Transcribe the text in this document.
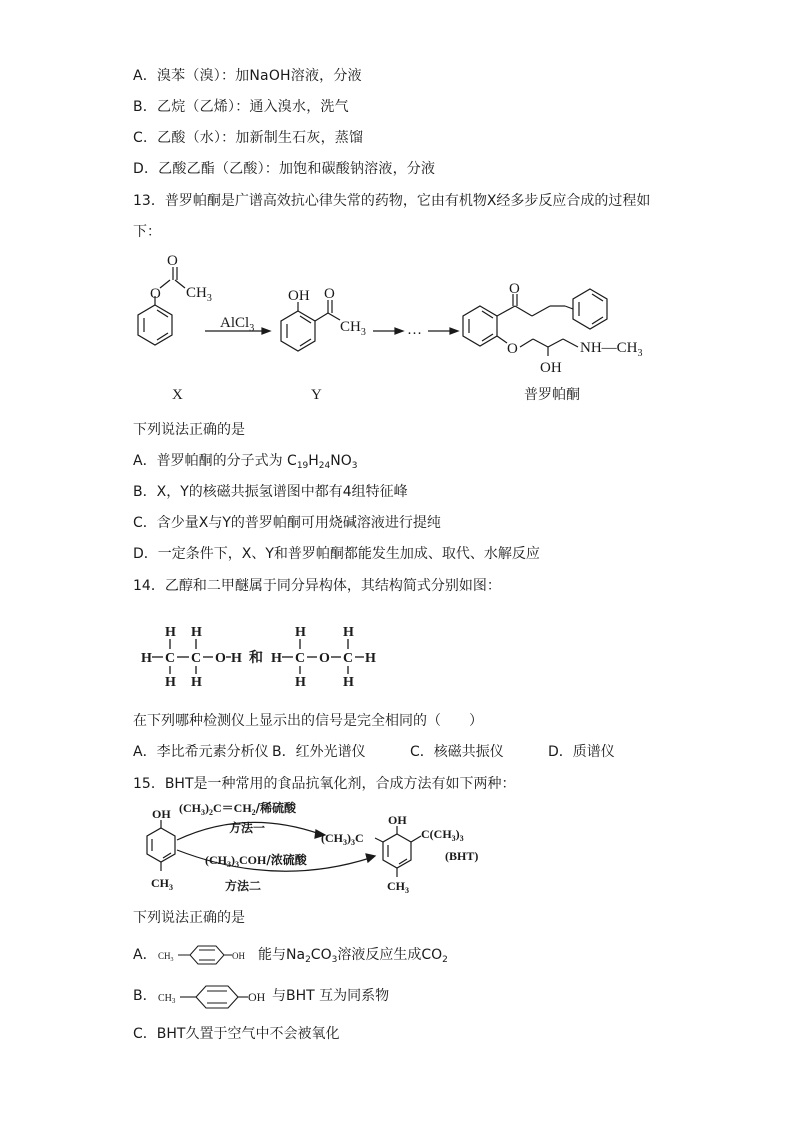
A．溴苯（溴）：加NaOH溶液，分液
B．乙烷（乙烯）：通入溴水，洗气
C．乙酸（水）：加新制生石灰，蒸馏
D．乙酸乙酯（乙酸）：加饱和碳酸钠溶液，分液
13．普罗帕酮是广谱高效抗心律失常的药物，它由有机物X经多步反应合成的过程如
下：
O
O $CH_3$
AlCl$_3$
OH O
$CH_3$	…
O
O
OH
$NH—CH_3$
X	Y	普罗帕酮
下列说法正确的是
A．普罗帕酮的分子式为 $C_{19}H_{24}NO_3$
B．X，Y的核磁共振氢谱图中都有4组特征峰
C．含少量X与Y的普罗帕酮可用烧碱溶液进行提纯
D．一定条件下，X、Y和普罗帕酮都能发生加成、取代、水解反应
14．乙醇和二甲醚属于同分异构体，其结构简式分别如图：
H H
H C C O H
H H
和
H	H
H C O C H
H	H
在下列哪种检测仪上显示出的信号是完全相同的（　　）
A．李比希元素分析仪 B．红外光谱仪	C．核磁共振仪	D．质谱仪
15．BHT是一种常用的食品抗氧化剂，合成方法有如下两种：
OH
$CH_3$
$(CH_3)_2C=CH_2/$稀硫酸
方法一
$(CH_3)_3COH/$浓硫酸
方法二
$(CH_3)_3C$
OH
$C(CH_3)_3$
(BHT)
$CH_3$
下列说法正确的是
A． $CH_3$	OH 能与$Na_2CO_3$溶液反应生成$CO_2$
B． $CH_3$	OH 与BHT 互为同系物
C．BHT久置于空气中不会被氧化
